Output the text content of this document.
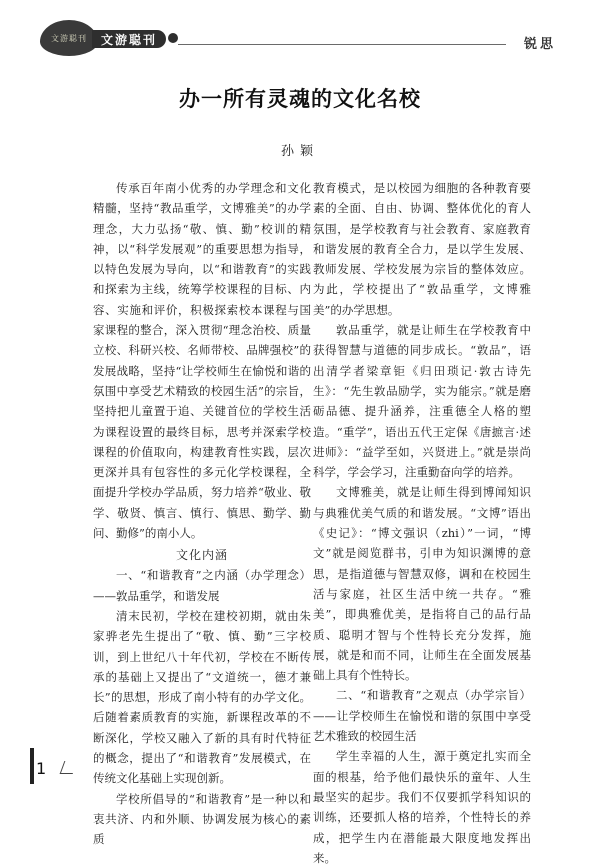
文游聪刊 文游聪刊	锐思
办一所有灵魂的文化名校
孙颖

传承百年南小优秀的办学理念和文化精髓，坚持“教品重学，文博雅美”的办学理念，大力弘扬“敬、慎、勤”校训的精神，以“科学发展观”的重要思想为指导，以特色发展为导向，以“和谐教育”的实践和探索为主线，统筹学校课程的目标、内容、实施和评价，积极探索校本课程与国家课程的整合，深入贯彻“理念治校、质量立校、科研兴校、名师带校、品牌强校”的发展战略，坚持“让学校师生在愉悦和谐的氛围中享受艺术精致的校园生活”的宗旨，坚持把儿童置于追、关键首位的学校生活为课程设置的最终目标，思考并深索学校课程的价值取向，构建教育性实践，层次更深并具有包容性的多元化学校课程，全面提升学校办学品质，努力培养“敬业、敬学、敬贤、慎言、慎行、慎思、勤学、勤问、勤修”的南小人。

文化内涵

一、“和谐教育”之内涵（办学理念）——敦品重学，和谐发展

清末民初，学校在建校初期，就由朱家骅老先生提出了“敬、慎、勤”三字校训，到上世纪八十年代初，学校在不断传承的基础上又提出了“文道统一，德才兼长”的思想，形成了南小特有的办学文化。后随着素质教育的实施，新课程改革的不断深化，学校又融入了新的具有时代特征的概念，提出了“和谐教育”发展模式，在传统文化基础上实现创新。

学校所倡导的“和谐教育”是一种以和衷共济、内和外顺、协调发展为核心的素质

教育模式，是以校园为细胞的各种教育要素的全面、自由、协调、整体优化的育人氛围，是学校教育与社会教育、家庭教育和谐发展的教育全合力，是以学生发展、教师发展、学校发展为宗旨的整体效应。为此，学校提出了“敦品重学，文博雅美”的办学思想。

敦品重学，就是让师生在学校教育中获得智慧与道德的同步成长。“敦品”，语出清学者梁章钜《归田琐记·敦古诗先生》：“先生敦品励学，实为能宗。”就是磨砺品德、提升涵养，注重德全人格的塑造。“重学”，语出五代王定保《唐摭言·述进师》：“益学至如，兴贤进上。”就是崇尚科学，学会学习，注重勤奋向学的培养。

文博雅美，就是让师生得到博闻知识与典雅优美气质的和谐发展。“文博”语出《史记》：“博文强识（zhi）”一词，“博文”就是阅览群书，引申为知识渊博的意思，是指道德与智慧双修，调和在校园生活与家庭，社区生活中统一共存。“雅美”，即典雅优美，是指将自己的品行品质、聪明才智与个性特长充分发挥，施展，就是和而不同，让师生在全面发展基础上具有个性特长。

二、“和谐教育”之观点（办学宗旨）——让学校师生在愉悦和谐的氛围中享受艺术雅致的校园生活

学生幸福的人生，源于奠定扎实而全面的根基，给予他们最快乐的童年、人生最坚实的起步。我们不仅要抓学科知识的训练，还要抓人格的培养，个性特长的养成，把学生内在潜能最大限度地发挥出来。

1
